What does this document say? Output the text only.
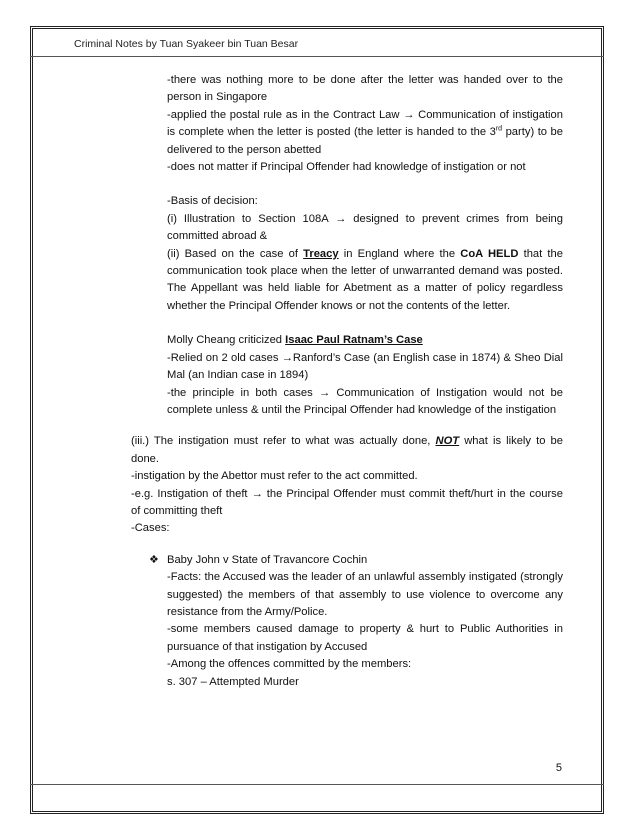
Criminal Notes by Tuan Syakeer bin Tuan Besar

-there was nothing more to be done after the letter was handed over to the person in Singapore

-applied the postal rule as in the Contract Law → Communication of instigation is complete when the letter is posted (the letter is handed to the 3rd party) to be delivered to the person abetted

-does not matter if Principal Offender had knowledge of instigation or not

-Basis of decision:

(i) Illustration to Section 108A → designed to prevent crimes from being committed abroad &

(ii) Based on the case of Treacy in England where the CoA HELD that the communication took place when the letter of unwarranted demand was posted. The Appellant was held liable for Abetment as a matter of policy regardless whether the Principal Offender knows or not the contents of the letter.

Molly Cheang criticized Isaac Paul Ratnam’s Case

-Relied on 2 old cases →Ranford’s Case (an English case in 1874) & Sheo Dial Mal (an Indian case in 1894)

-the principle in both cases → Communication of Instigation would not be complete unless & until the Principal Offender had knowledge of the instigation

(iii.) The instigation must refer to what was actually done, NOT what is likely to be done.

-instigation by the Abettor must refer to the act committed.

-e.g. Instigation of theft → the Principal Offender must commit theft/hurt in the course of committing theft

-Cases:

❖ Baby John v State of Travancore Cochin

-Facts: the Accused was the leader of an unlawful assembly instigated (strongly suggested) the members of that assembly to use violence to overcome any resistance from the Army/Police.

-some members caused damage to property & hurt to Public Authorities in pursuance of that instigation by Accused

-Among the offences committed by the members:

s. 307 – Attempted Murder

5
